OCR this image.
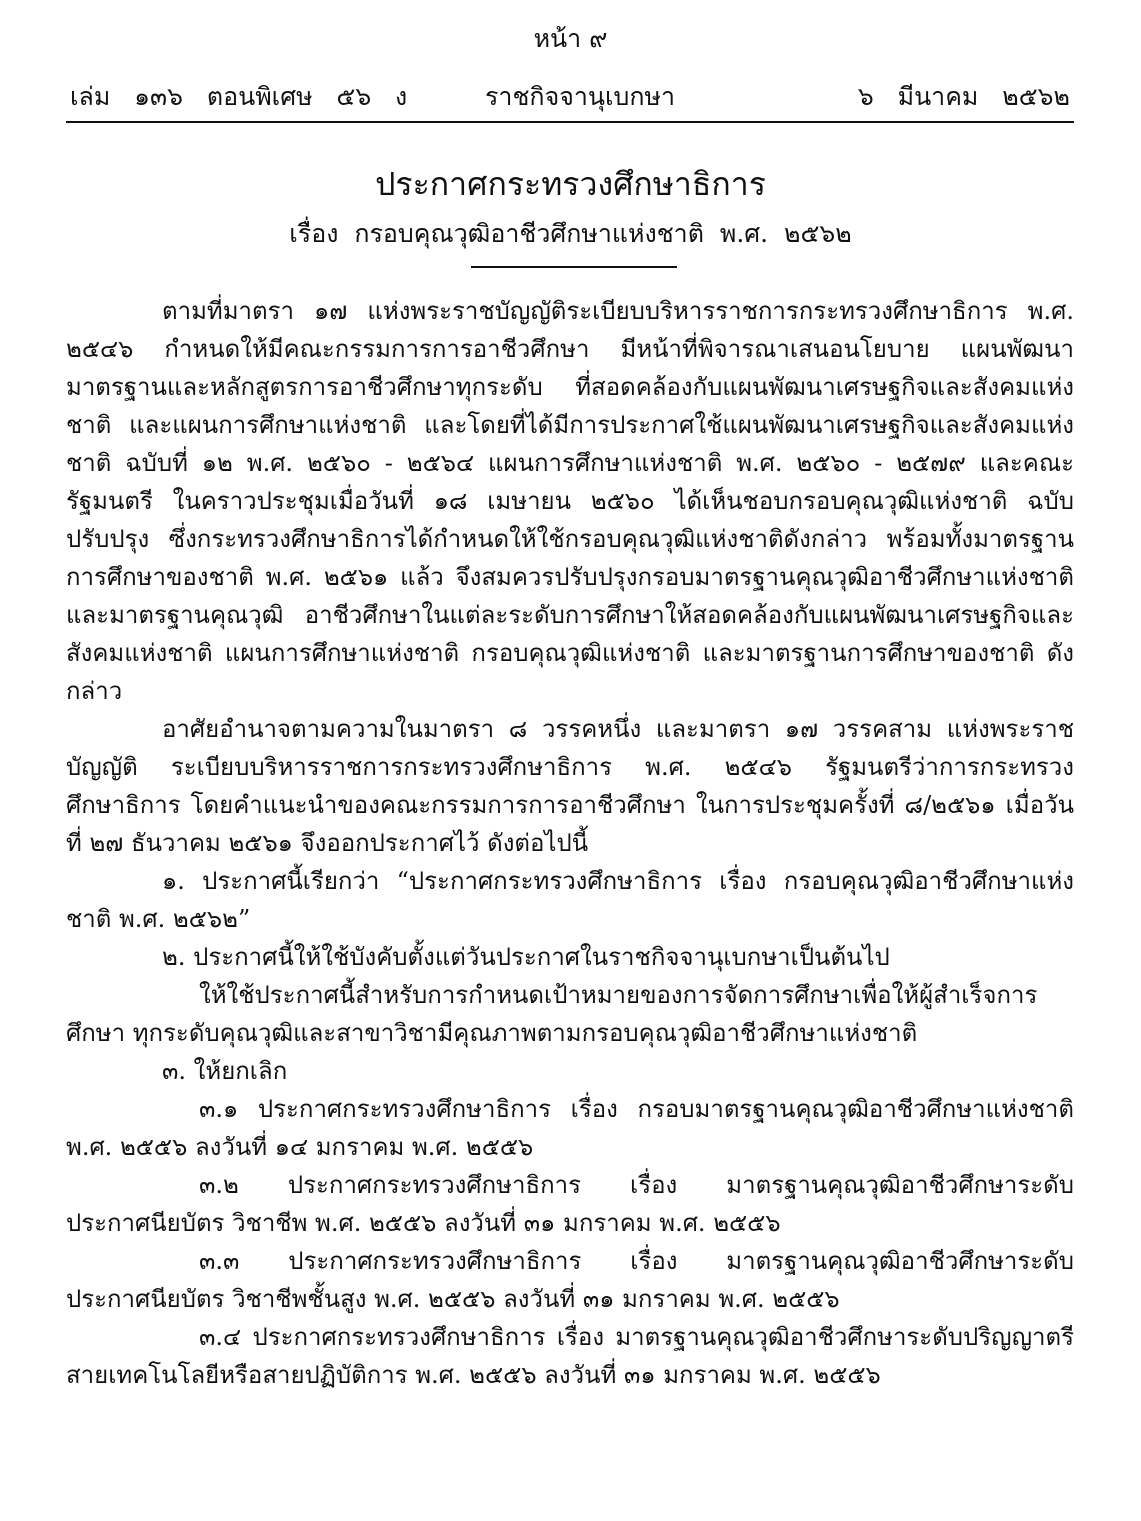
หน้า ๙
เล่ม   ๑๓๖   ตอนพิเศษ   ๕๖   ง	ราชกิจจานุเบกษา	๖   มีนาคม   ๒๕๖๒
ประกาศกระทรวงศึกษาธิการ
เรื่อง  กรอบคุณวุฒิอาชีวศึกษาแห่งชาติ  พ.ศ.  ๒๕๖๒

ตามที่มาตรา ๑๗ แห่งพระราชบัญญัติระเบียบบริหารราชการกระทรวงศึกษาธิการ พ.ศ. ๒๕๔๖ กำหนดให้มีคณะกรรมการการอาชีวศึกษา มีหน้าที่พิจารณาเสนอนโยบาย แผนพัฒนา มาตรฐานและหลักสูตรการอาชีวศึกษาทุกระดับ ที่สอดคล้องกับแผนพัฒนาเศรษฐกิจและสังคมแห่งชาติ และแผนการศึกษาแห่งชาติ และโดยที่ได้มีการประกาศใช้แผนพัฒนาเศรษฐกิจและสังคมแห่งชาติ ฉบับที่ ๑๒ พ.ศ. ๒๕๖๐ - ๒๕๖๔ แผนการศึกษาแห่งชาติ พ.ศ. ๒๕๖๐ - ๒๕๗๙ และคณะรัฐมนตรี ในคราวประชุมเมื่อวันที่ ๑๘ เมษายน ๒๕๖๐ ได้เห็นชอบกรอบคุณวุฒิแห่งชาติ ฉบับปรับปรุง ซึ่งกระทรวงศึกษาธิการได้กำหนดให้ใช้กรอบคุณวุฒิแห่งชาติดังกล่าว พร้อมทั้งมาตรฐานการศึกษาของชาติ พ.ศ. ๒๕๖๑ แล้ว จึงสมควรปรับปรุงกรอบมาตรฐานคุณวุฒิอาชีวศึกษาแห่งชาติ และมาตรฐานคุณวุฒิ อาชีวศึกษาในแต่ละระดับการศึกษาให้สอดคล้องกับแผนพัฒนาเศรษฐกิจและสังคมแห่งชาติ แผนการศึกษาแห่งชาติ กรอบคุณวุฒิแห่งชาติ และมาตรฐานการศึกษาของชาติ ดังกล่าว

อาศัยอำนาจตามความในมาตรา ๘ วรรคหนึ่ง และมาตรา ๑๗ วรรคสาม แห่งพระราชบัญญัติ ระเบียบบริหารราชการกระทรวงศึกษาธิการ พ.ศ. ๒๕๔๖ รัฐมนตรีว่าการกระทรวงศึกษาธิการ โดยคำแนะนำของคณะกรรมการการอาชีวศึกษา ในการประชุมครั้งที่ ๘/๒๕๖๑ เมื่อวันที่ ๒๗ ธันวาคม ๒๕๖๑ จึงออกประกาศไว้ ดังต่อไปนี้

๑. ประกาศนี้เรียกว่า “ประกาศกระทรวงศึกษาธิการ เรื่อง กรอบคุณวุฒิอาชีวศึกษาแห่งชาติ พ.ศ. ๒๕๖๒”

๒. ประกาศนี้ให้ใช้บังคับตั้งแต่วันประกาศในราชกิจจานุเบกษาเป็นต้นไป

ให้ใช้ประกาศนี้สำหรับการกำหนดเป้าหมายของการจัดการศึกษาเพื่อให้ผู้สำเร็จการศึกษา ทุกระดับคุณวุฒิและสาขาวิชามีคุณภาพตามกรอบคุณวุฒิอาชีวศึกษาแห่งชาติ

๓. ให้ยกเลิก

๓.๑ ประกาศกระทรวงศึกษาธิการ เรื่อง กรอบมาตรฐานคุณวุฒิอาชีวศึกษาแห่งชาติ พ.ศ. ๒๕๕๖ ลงวันที่ ๑๔ มกราคม พ.ศ. ๒๕๕๖

๓.๒ ประกาศกระทรวงศึกษาธิการ เรื่อง มาตรฐานคุณวุฒิอาชีวศึกษาระดับประกาศนียบัตร วิชาชีพ พ.ศ. ๒๕๕๖ ลงวันที่ ๓๑ มกราคม พ.ศ. ๒๕๕๖

๓.๓ ประกาศกระทรวงศึกษาธิการ เรื่อง มาตรฐานคุณวุฒิอาชีวศึกษาระดับประกาศนียบัตร วิชาชีพชั้นสูง พ.ศ. ๒๕๕๖ ลงวันที่ ๓๑ มกราคม พ.ศ. ๒๕๕๖

๓.๔ ประกาศกระทรวงศึกษาธิการ เรื่อง มาตรฐานคุณวุฒิอาชีวศึกษาระดับปริญญาตรี สายเทคโนโลยีหรือสายปฏิบัติการ พ.ศ. ๒๕๕๖ ลงวันที่ ๓๑ มกราคม พ.ศ. ๒๕๕๖
